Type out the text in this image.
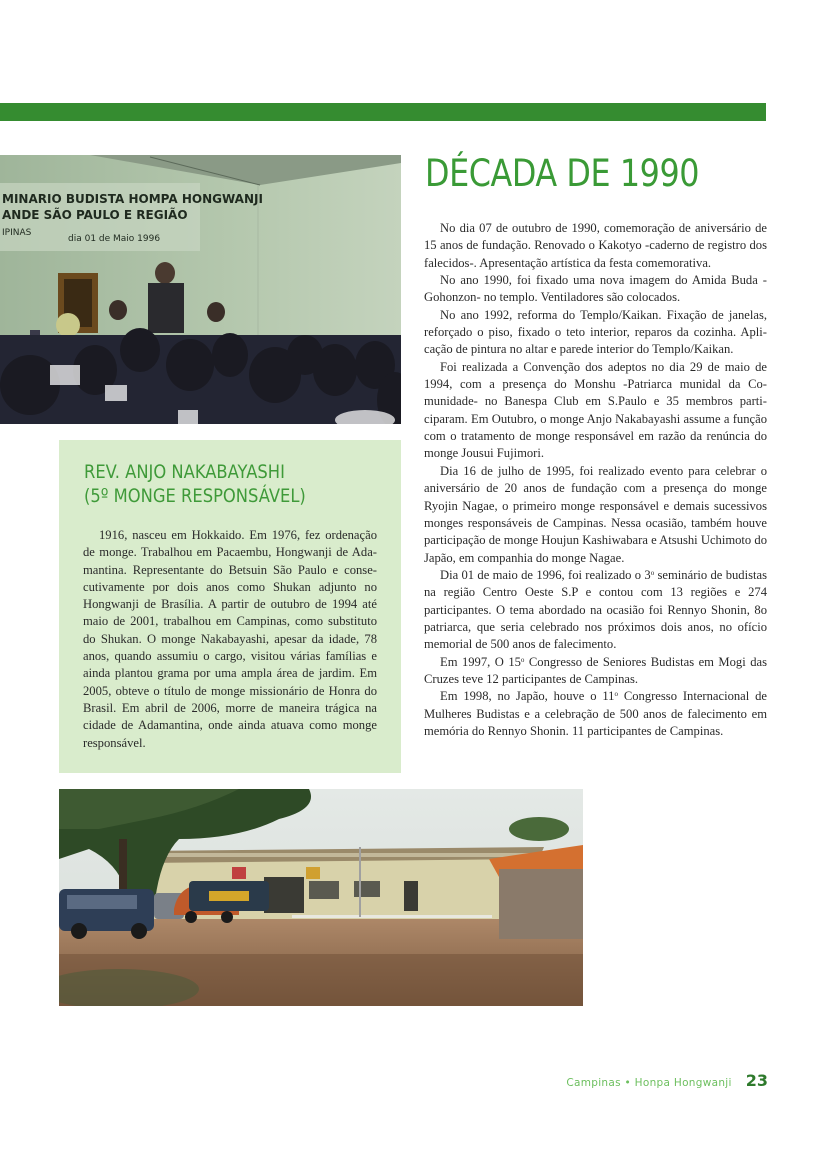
MINARIO BUDISTA HOMPA HONGWANJI
ANDE SÃO PAULO E REGIÃO
IPINAS
dia 01 de Maio 1996
DÉCADA DE 1990

No dia 07 de outubro de 1990, comemoração de aniversário de 15 anos de fundação. Renovado o Kakotyo -caderno de registro dos falecidos-. Apresentação artística da festa comemorativa.

No ano 1990, foi fixado uma nova imagem do Amida Buda -Gohonzon- no templo. Ventiladores são colocados.

No ano 1992, reforma do Templo/Kaikan. Fixação de janelas, reforçado o piso, fixado o teto interior, reparos da cozinha. Aplicação de pintura no altar e parede interior do Templo/Kaikan.

Foi realizada a Convenção dos adeptos no dia 29 de maio de 1994, com a presença do Monshu -Patriarca munidal da Comunidade- no Banespa Club em S.Paulo e 35 membros participaram. Em Outubro, o monge Anjo Nakabayashi assume a função com o tratamento de monge responsável em razão da renúncia do monge Jousui Fujimori.

Dia 16 de julho de 1995, foi realizado evento para celebrar o aniversário de 20 anos de fundação com a presença do monge Ryojin Nagae, o primeiro monge responsável e demais sucessivos monges responsáveis de Campinas. Nessa ocasião, também houve participação de monge Houjun Kashiwabara e Atsushi Uchimoto do Japão, em companhia do monge Nagae.

Dia 01 de maio de 1996, foi realizado o 3$^o$ seminário de budistas na região Centro Oeste S.P e contou com 13 regiões e 274 participantes. O tema abordado na ocasião foi Rennyo Shonin, 8o patriarca, que seria celebrado nos próximos dois anos, no ofício memorial de 500 anos de falecimento.

Em 1997, O 15$^o$ Congresso de Seniores Budistas em Mogi das Cruzes teve 12 participantes de Campinas.

Em 1998, no Japão, houve o 11$^o$ Congresso Internacional de Mulheres Budistas e a celebração de 500 anos de falecimento em memória do Rennyo Shonin. 11 participantes de Campinas.

REV. ANJO NAKABAYASHI
(5º MONGE RESPONSÁVEL)

1916, nasceu em Hokkaido. Em 1976, fez ordenação de monge. Trabalhou em Pacaembu, Hongwanji de Adamantina. Representante do Betsuin São Paulo e consecutivamente por dois anos como Shukan adjunto no Hongwanji de Brasília. A partir de outubro de 1994 até maio de 2001, trabalhou em Campinas, como substituto do Shukan. O monge Nakabayashi, apesar da idade, 78 anos, quando assumiu o cargo, visitou várias famílias e ainda plantou grama por uma ampla área de jardim. Em 2005, obteve o título de monge missionário de Honra do Brasil. Em abril de 2006, morre de maneira trágica na cidade de Adamantina, onde ainda atuava como monge responsável.

Campinas • Honpa Hongwanji 23
